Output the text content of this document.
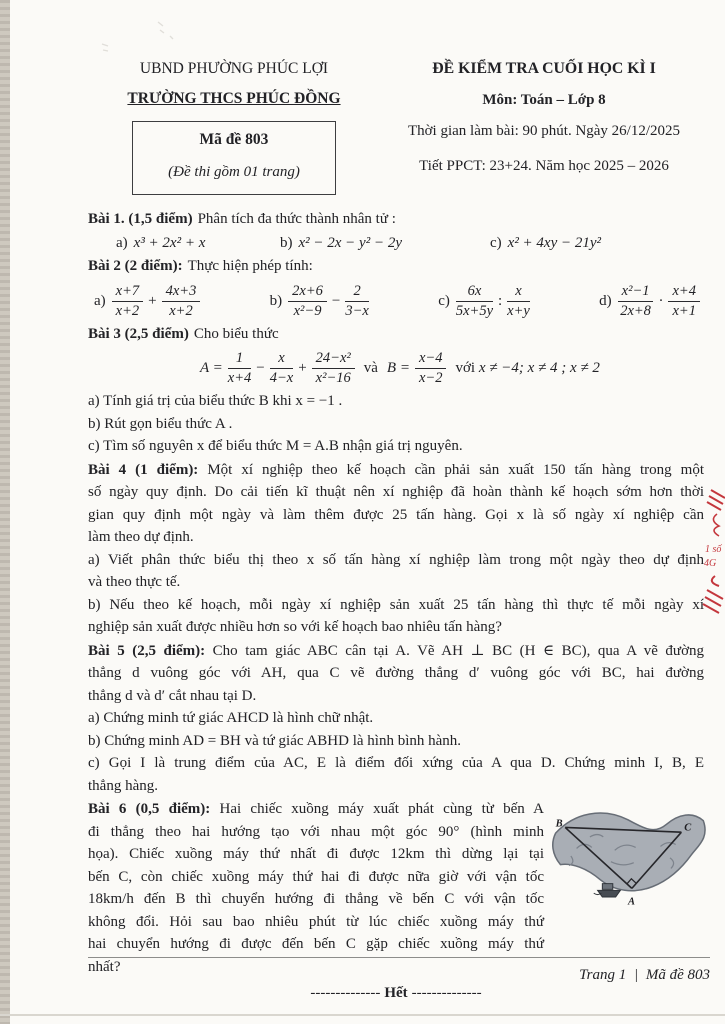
UBND PHƯỜNG PHÚC LỢI
TRƯỜNG THCS PHÚC ĐỒNG
Mã đề 803
(Đề thi gồm 01 trang)
ĐỀ KIỂM TRA CUỐI HỌC KÌ I
Môn: Toán – Lớp 8
Thời gian làm bài: 90 phút. Ngày 26/12/2025
Tiết PPCT: 23+24. Năm học 2025 – 2026
Bài 1. (1,5 điểm) Phân tích đa thức thành nhân tử :
a) x³ + 2x² + x	b) x² − 2x − y² − 2y	c) x² + 4xy − 21y²
Bài 2 (2 điểm): Thực hiện phép tính:
$a) \frac{x+7}{x+2} + \frac{4x+3}{x+2}$	$b) \frac{2x+6}{\text{x²−9}} - \frac{2}{3-x}$	$c) \frac{6x}{5x+5y}$ : $\frac{x}{x+y}$	$d) \frac{\text{x²−1}}{2x+8} \cdot \frac{x+4}{x+1}$
Bài 3 (2,5 điểm) Cho biểu thức
$A = \frac{1}{x+4} - \frac{x}{4-x} + \frac{\text{24−x²}}{\text{x²−16}}$ và $B = \frac{x-4}{x-2}$ với x ≠ −4; x ≠ 4 ; x ≠ 2
a) Tính giá trị của biểu thức B khi x = −1 .
b) Rút gọn biểu thức A .
c) Tìm số nguyên x để biểu thức M = A.B nhận giá trị nguyên.
Bài 4 (1 điểm): Một xí nghiệp theo kế hoạch cần phải sản xuất 150 tấn hàng trong một
số ngày quy định. Do cải tiến kĩ thuật nên xí nghiệp đã hoàn thành kế hoạch sớm hơn thời
gian quy định một ngày và làm thêm được 25 tấn hàng. Gọi x là số ngày xí nghiệp cần
làm theo dự định.
a) Viết phân thức biểu thị theo x số tấn hàng xí nghiệp làm trong một ngày theo dự định
và theo thực tế.
b) Nếu theo kế hoạch, mỗi ngày xí nghiệp sản xuất 25 tấn hàng thì thực tế mỗi ngày xí
nghiệp sản xuất được nhiều hơn so với kế hoạch bao nhiêu tấn hàng?
Bài 5 (2,5 điểm): Cho tam giác ABC cân tại A. Vẽ AH ⊥ BC (H ∈ BC), qua A vẽ đường
thẳng d vuông góc với AH, qua C vẽ đường thẳng d′ vuông góc với BC, hai đường
thẳng d và d′ cắt nhau tại D.
a) Chứng minh tứ giác AHCD là hình chữ nhật.
b) Chứng minh AD = BH và tứ giác ABHD là hình bình hành.
c) Gọi I là trung điểm của AC, E là điểm đối xứng của A qua D. Chứng minh I, B, E
thẳng hàng.
Bài 6 (0,5 điểm): Hai chiếc xuồng máy xuất phát cùng từ bến A
đi thẳng theo hai hướng tạo với nhau một góc 90° (hình minh
họa). Chiếc xuồng máy thứ nhất đi được 12km thì dừng lại tại
bến C, còn chiếc xuồng máy thứ hai đi được nữa giờ với vận tốc
18km/h đến B thì chuyển hướng đi thẳng về bến C với vận tốc
không đổi. Hỏi sau bao nhiêu phút từ lúc chiếc xuồng máy thứ
hai chuyển hướng đi được đến bến C gặp chiếc xuồng máy thứ
nhất?
B	C
A
-------------- Hết --------------
1 số
4G
Trang 1 | Mã đề 803
